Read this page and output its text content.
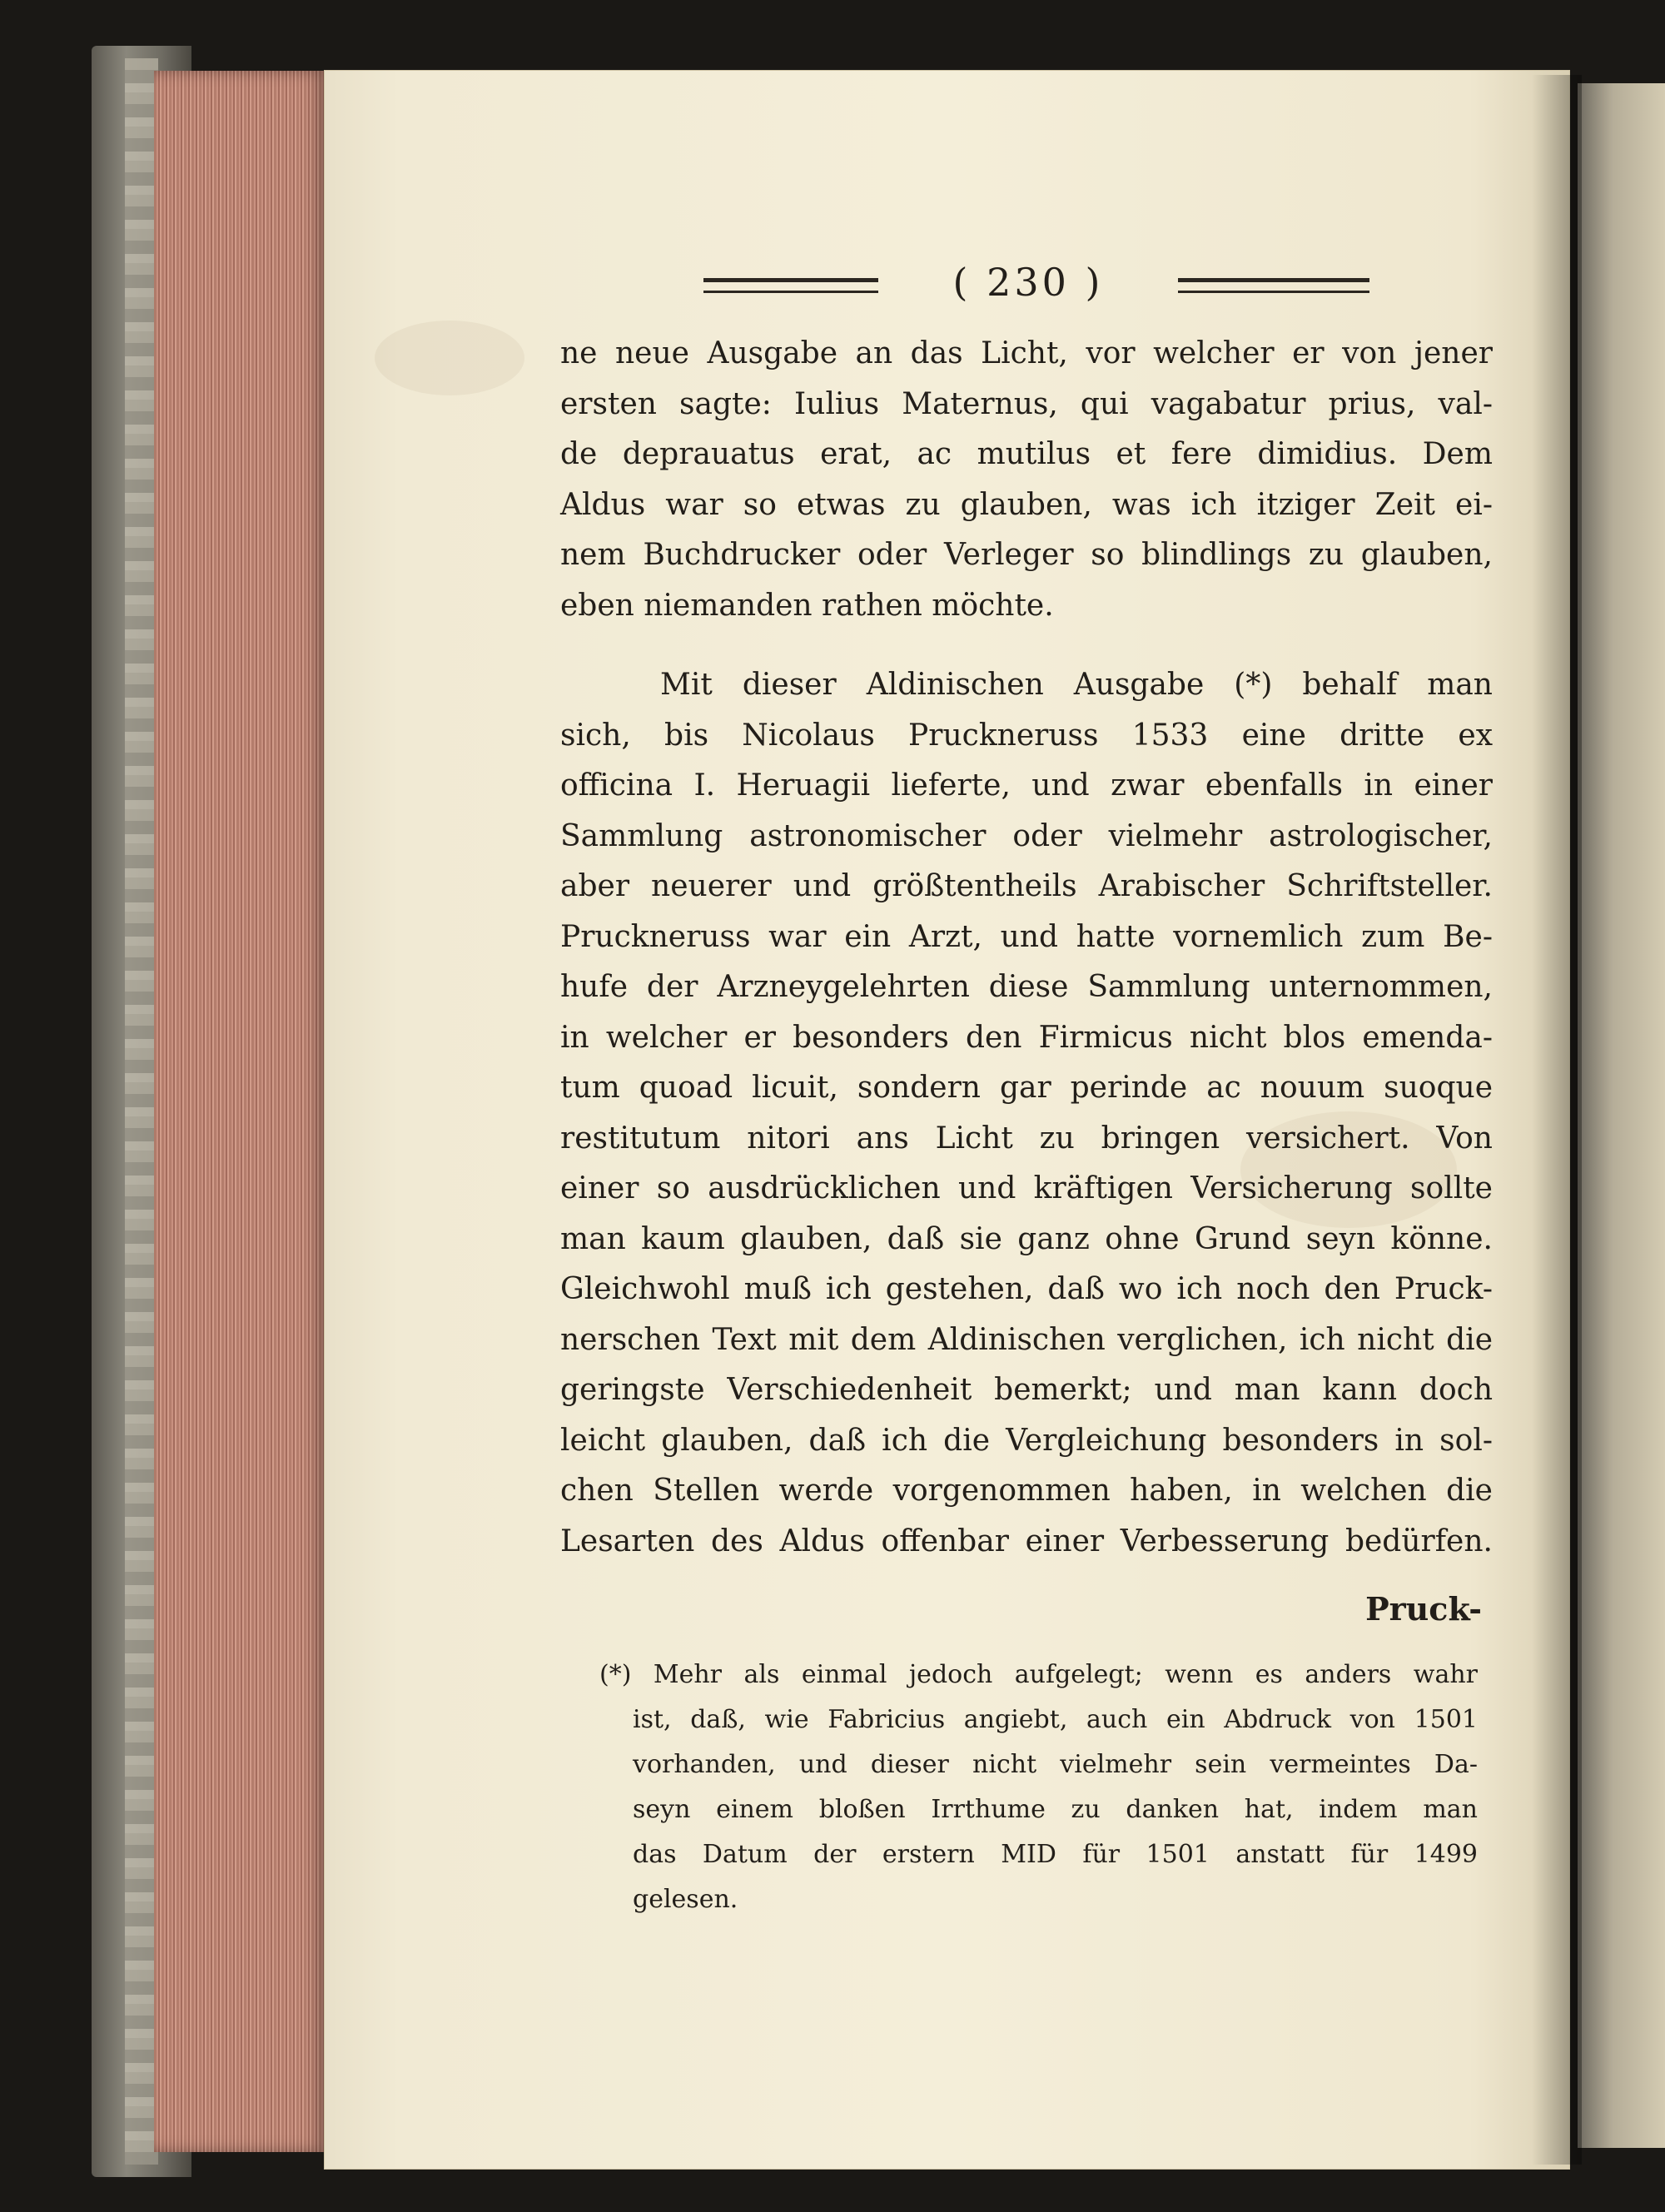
( 230 )
ne neue Ausgabe an das Licht, vor welcher er von jener
ersten sagte: Iulius Maternus, qui vagabatur prius, val-
de deprauatus erat, ac mutilus et fere dimidius. Dem
Aldus war so etwas zu glauben, was ich itziger Zeit ei-
nem Buchdrucker oder Verleger so blindlings zu glauben,
eben niemanden rathen möchte.
Mit dieser Aldinischen Ausgabe (*) behalf man
sich, bis Nicolaus Pruckneruss 1533 eine dritte ex
officina I. Heruagii lieferte, und zwar ebenfalls in einer
Sammlung astronomischer oder vielmehr astrologischer,
aber neuerer und größtentheils Arabischer Schriftsteller.
Pruckneruss war ein Arzt, und hatte vornemlich zum Be-
hufe der Arzneygelehrten diese Sammlung unternommen,
in welcher er besonders den Firmicus nicht blos emenda-
tum quoad licuit, sondern gar perinde ac nouum suoque
restitutum nitori ans Licht zu bringen versichert. Von
einer so ausdrücklichen und kräftigen Versicherung sollte
man kaum glauben, daß sie ganz ohne Grund seyn könne.
Gleichwohl muß ich gestehen, daß wo ich noch den Pruck-
nerschen Text mit dem Aldinischen verglichen, ich nicht die
geringste Verschiedenheit bemerkt; und man kann doch
leicht glauben, daß ich die Vergleichung besonders in sol-
chen Stellen werde vorgenommen haben, in welchen die
Lesarten des Aldus offenbar einer Verbesserung bedürfen.
Pruck-
(*) Mehr als einmal jedoch aufgelegt; wenn es anders wahr
ist, daß, wie Fabricius angiebt, auch ein Abdruck von 1501
vorhanden, und dieser nicht vielmehr sein vermeintes Da-
seyn einem bloßen Irrthume zu danken hat, indem man
das Datum der erstern MID für 1501 anstatt für 1499
gelesen.
